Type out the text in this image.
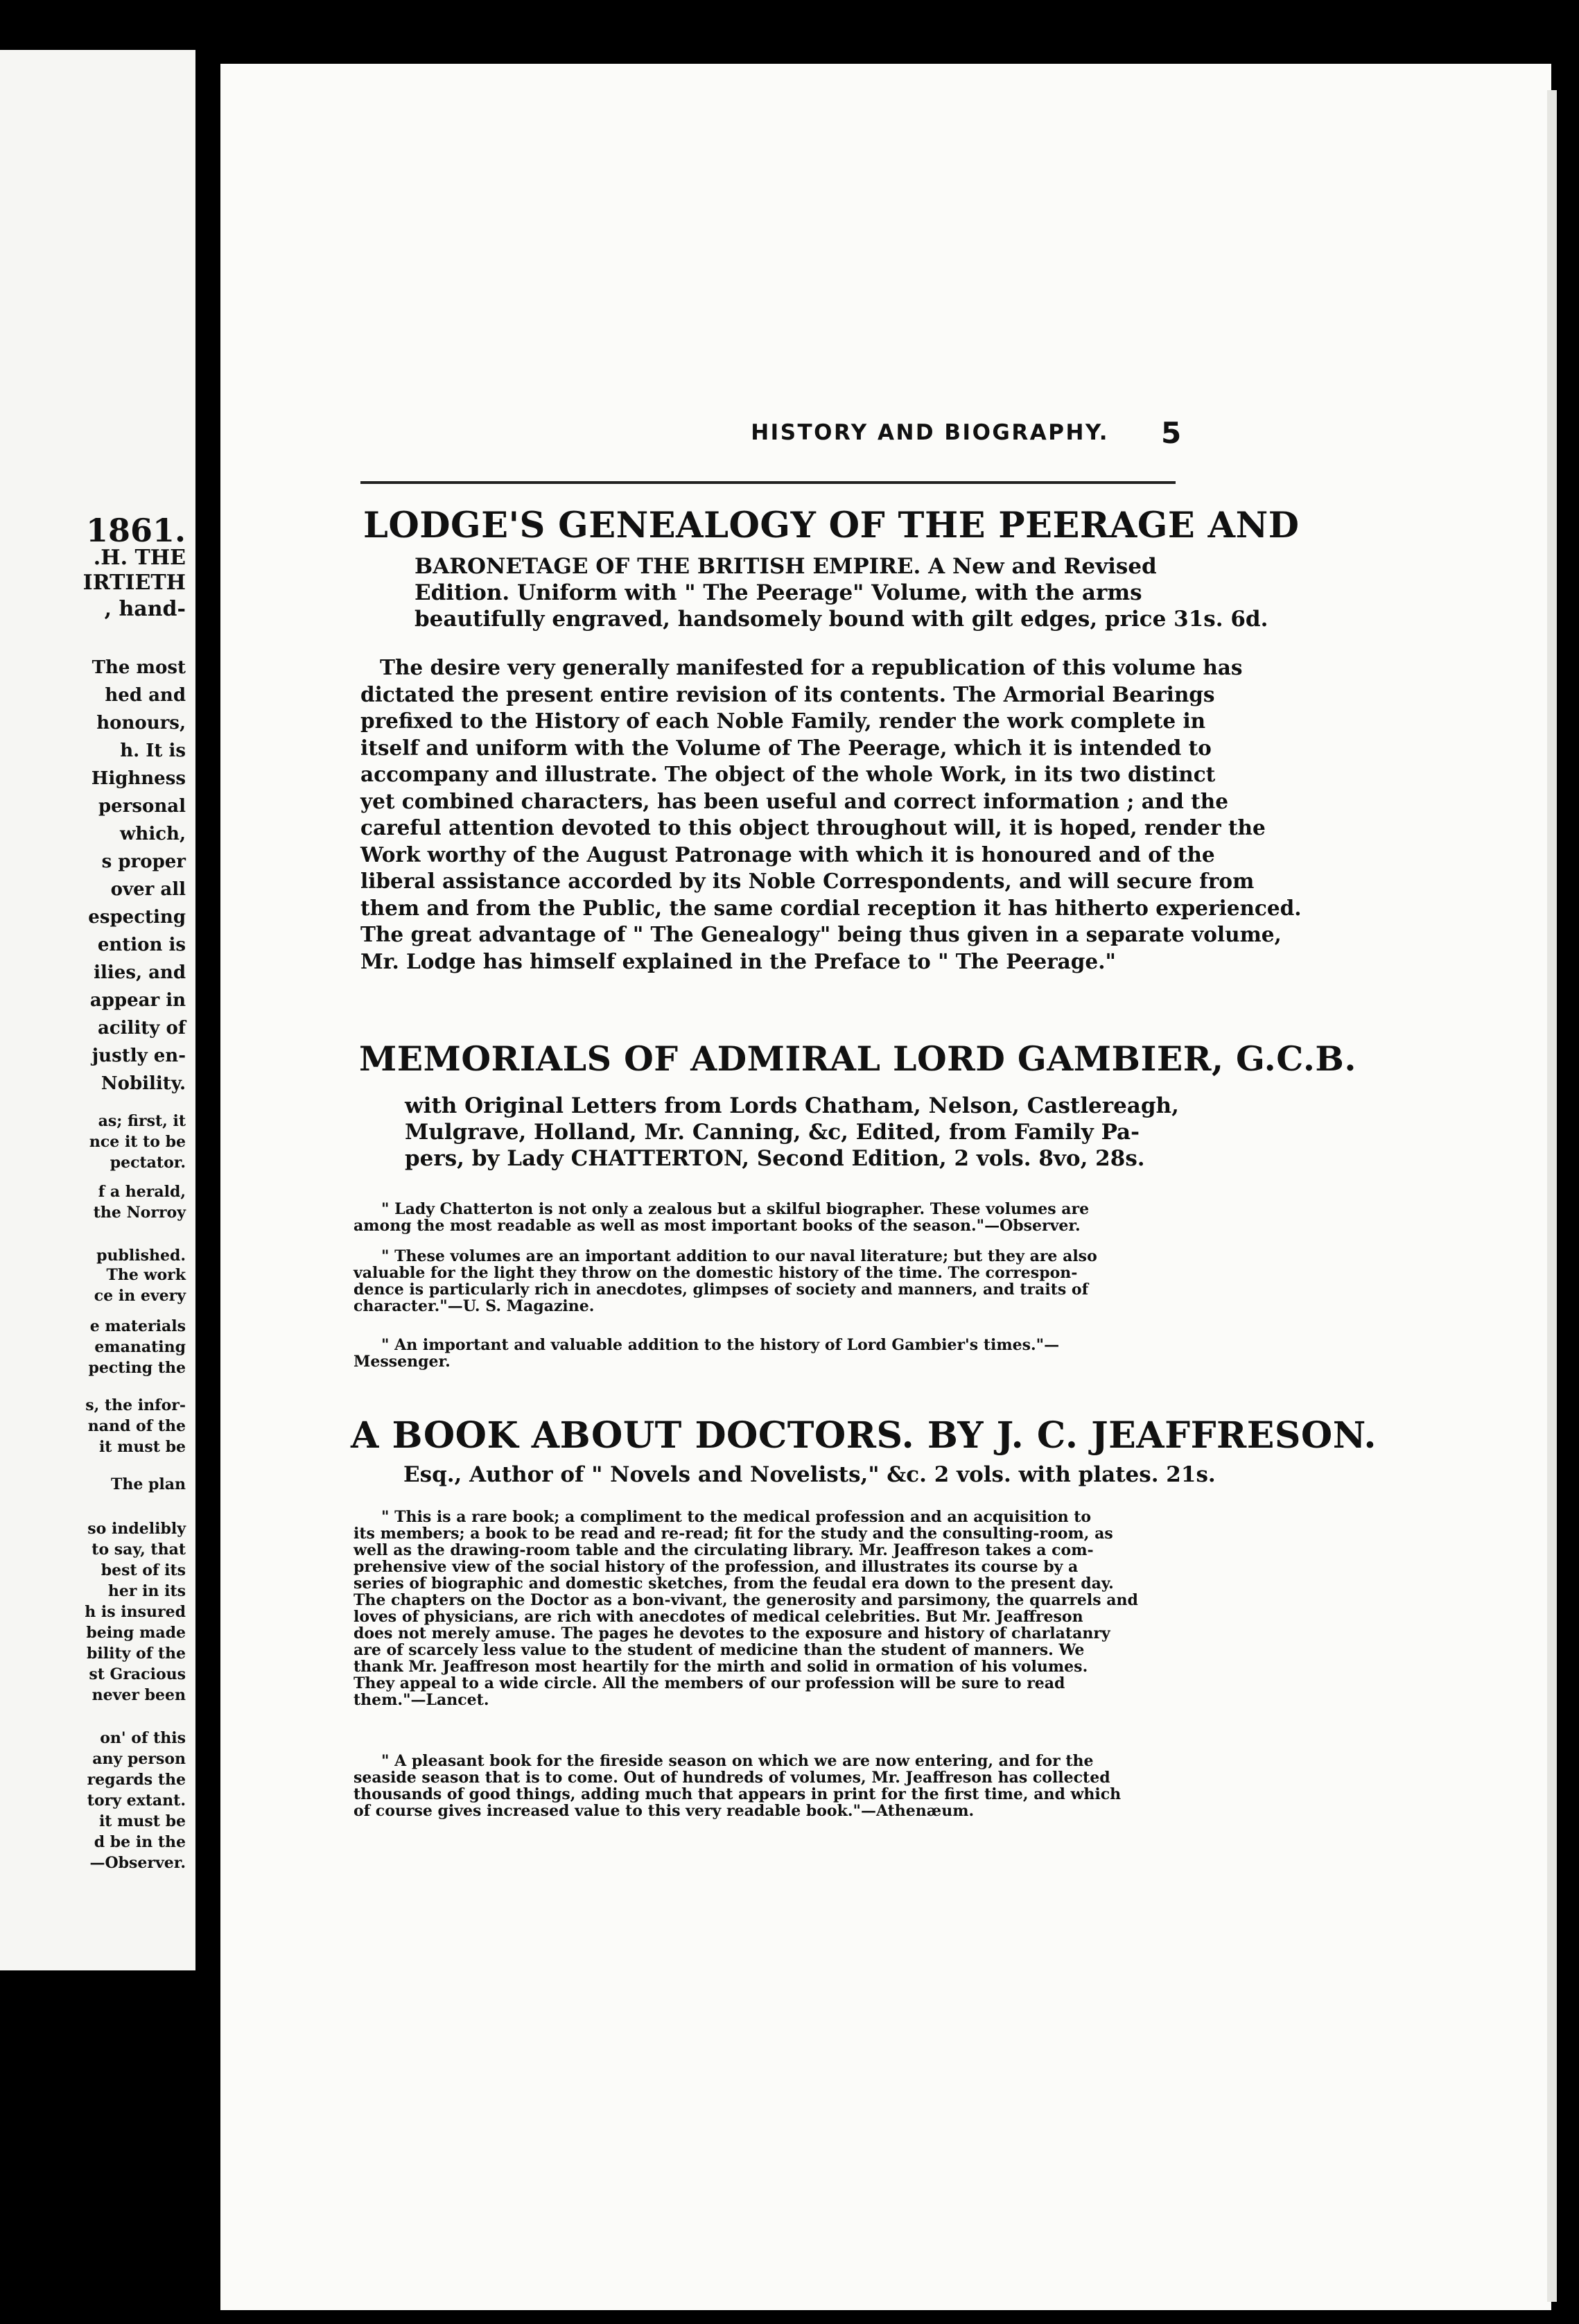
1861.
.H. THE
IRTIETH
, hand-
The most
hed and
honours,
h. It is
Highness
personal
which,
s proper
over all
especting
ention is
ilies, and
appear in
acility of
justly en-
Nobility.
as; first, it
nce it to be
pectator.
f a herald,
the Norroy
published.
The work
ce in every
e materials
emanating
pecting the
s, the infor-
nand of the
it must be
The plan
so indelibly
to say, that
best of its
her in its
h is insured
being made
bility of the
st Gracious
never been
on' of this
any person
regards the
tory extant.
it must be
d be in the
—Observer.
HISTORY AND BIOGRAPHY. 5
LODGE'S GENEALOGY OF THE PEERAGE AND
BARONETAGE OF THE BRITISH EMPIRE. A New and Revised
Edition. Uniform with " The Peerage" Volume, with the arms
beautifully engraved, handsomely bound with gilt edges, price 31s. 6d.
The desire very generally manifested for a republication of this volume has
dictated the present entire revision of its contents. The Armorial Bearings
prefixed to the History of each Noble Family, render the work complete in
itself and uniform with the Volume of The Peerage, which it is intended to
accompany and illustrate. The object of the whole Work, in its two distinct
yet combined characters, has been useful and correct information ; and the
careful attention devoted to this object throughout will, it is hoped, render the
Work worthy of the August Patronage with which it is honoured and of the
liberal assistance accorded by its Noble Correspondents, and will secure from
them and from the Public, the same cordial reception it has hitherto experienced.
The great advantage of " The Genealogy" being thus given in a separate volume,
Mr. Lodge has himself explained in the Preface to " The Peerage."
MEMORIALS OF ADMIRAL LORD GAMBIER, G.C.B.
with Original Letters from Lords Chatham, Nelson, Castlereagh,
Mulgrave, Holland, Mr. Canning, &c, Edited, from Family Pa-
pers, by Lady CHATTERTON, Second Edition, 2 vols. 8vo, 28s.
" Lady Chatterton is not only a zealous but a skilful biographer. These volumes are
among the most readable as well as most important books of the season."—Observer.
" These volumes are an important addition to our naval literature; but they are also
valuable for the light they throw on the domestic history of the time. The correspon-
dence is particularly rich in anecdotes, glimpses of society and manners, and traits of
character."—U. S. Magazine.
" An important and valuable addition to the history of Lord Gambier's times."—
Messenger.
A BOOK ABOUT DOCTORS. BY J. C. JEAFFRESON.
Esq., Author of " Novels and Novelists," &c. 2 vols. with plates. 21s.
" This is a rare book; a compliment to the medical profession and an acquisition to
its members; a book to be read and re-read; fit for the study and the consulting-room, as
well as the drawing-room table and the circulating library. Mr. Jeaffreson takes a com-
prehensive view of the social history of the profession, and illustrates its course by a
series of biographic and domestic sketches, from the feudal era down to the present day.
The chapters on the Doctor as a bon-vivant, the generosity and parsimony, the quarrels and
loves of physicians, are rich with anecdotes of medical celebrities. But Mr. Jeaffreson
does not merely amuse. The pages he devotes to the exposure and history of charlatanry
are of scarcely less value to the student of medicine than the student of manners. We
thank Mr. Jeaffreson most heartily for the mirth and solid in ormation of his volumes.
They appeal to a wide circle. All the members of our profession will be sure to read
them."—Lancet.
" A pleasant book for the fireside season on which we are now entering, and for the
seaside season that is to come. Out of hundreds of volumes, Mr. Jeaffreson has collected
thousands of good things, adding much that appears in print for the first time, and which
of course gives increased value to this very readable book."—Athenæum.
